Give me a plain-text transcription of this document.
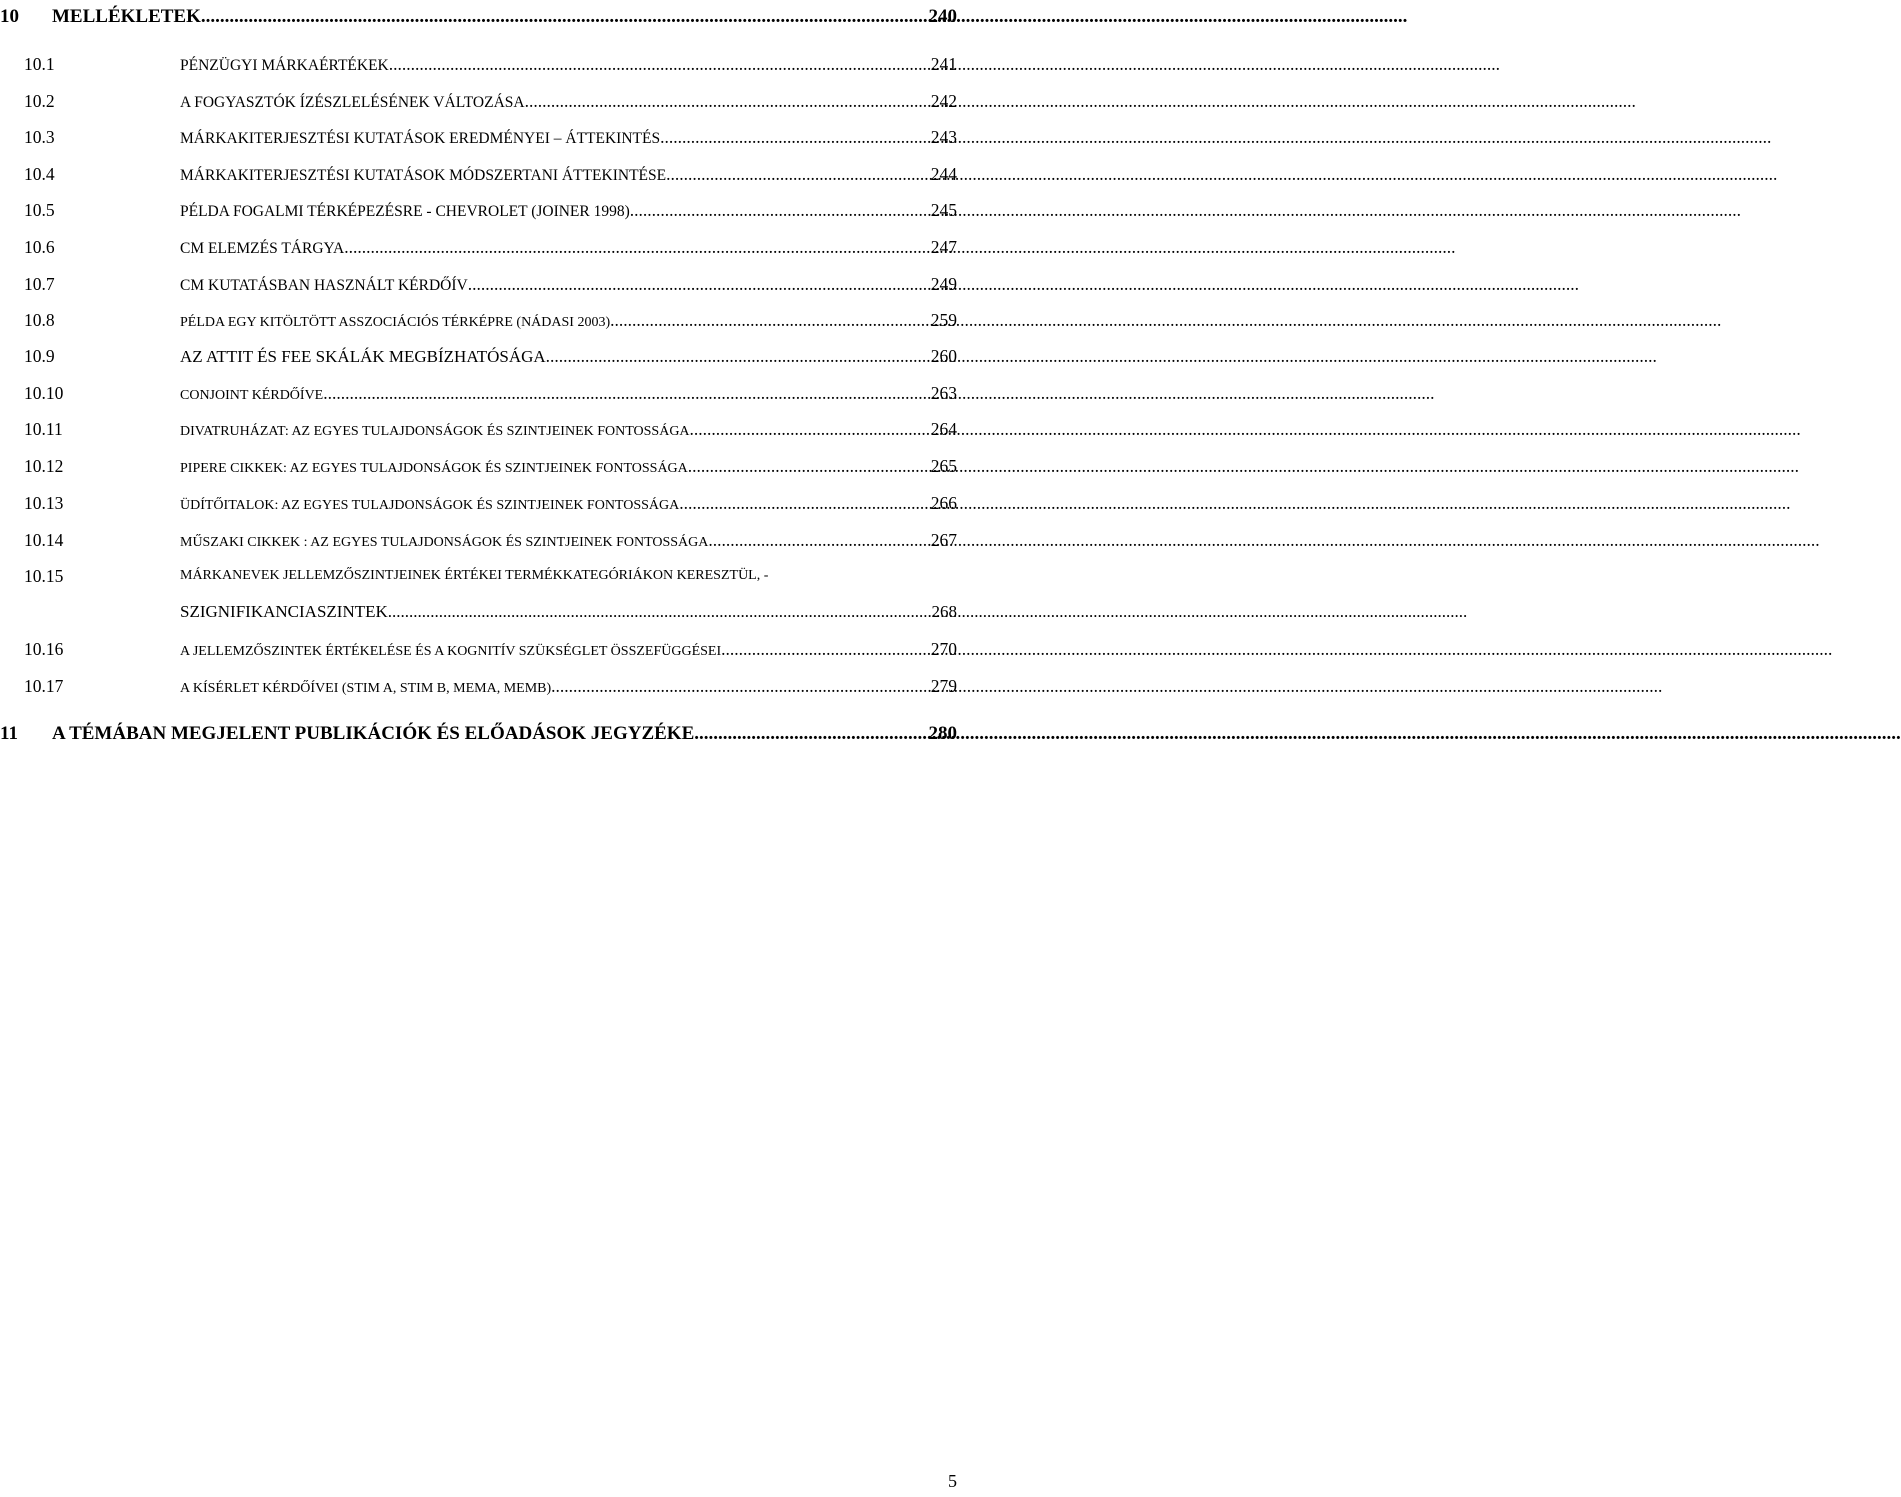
10 MELLÉKLETEK .....	240
10.1	PÉNZÜGYI MÁRKAÉRTÉKEK .....	241
10.2	A FOGYASZTÓK ÍZÉSZLELÉSÉNEK VÁLTOZÁSA .....	242
10.3	MÁRKAKITERJESZTÉSI KUTATÁSOK EREDMÉNYEI – ÁTTEKINTÉS .....	243
10.4	MÁRKAKITERJESZTÉSI KUTATÁSOK MÓDSZERTANI ÁTTEKINTÉSE .....	244
10.5	PÉLDA FOGALMI TÉRKÉPEZÉSRE - CHEVROLET (JOINER 1998) .....	245
10.6	CM ELEMZÉS TÁRGYA .....	247
10.7	CM KUTATÁSBAN HASZNÁLT KÉRDŐÍV .....	249
10.8	PÉLDA EGY KITÖLTÖTT ASSZOCIÁCIÓS TÉRKÉPRE (NÁDASI 2003) .....	259
10.9	AZ ATTIT ÉS FEE SKÁLÁK MEGBÍZHATÓSÁGA .....	260
10.10	CONJOINT KÉRDŐÍVE .....	263
10.11	DIVATRUHÁZAT: AZ EGYES TULAJDONSÁGOK ÉS SZINTJEINEK FONTOSSÁGA .....	264
10.12	PIPERE CIKKEK: AZ EGYES TULAJDONSÁGOK ÉS SZINTJEINEK FONTOSSÁGA .....	265
10.13	ÜDÍTŐITALOK: AZ EGYES TULAJDONSÁGOK ÉS SZINTJEINEK FONTOSSÁGA .....	266
10.14	MŰSZAKI CIKKEK : AZ EGYES TULAJDONSÁGOK ÉS SZINTJEINEK FONTOSSÁGA .....	267
10.15	MÁRKANEVEK JELLEMZŐSZINTJEINEK ÉRTÉKEI TERMÉKKATEGÓRIÁKON KERESZTÜL, -
SZIGNIFIKANCIASZINTEK .....	268
10.16	A JELLEMZŐSZINTEK ÉRTÉKELÉSE ÉS A KOGNITÍV SZÜKSÉGLET ÖSSZEFÜGGÉSEI .....	270
10.17	A KÍSÉRLET KÉRDŐÍVEI (STIM A, STIM B, MEMA, MEMB) .....	279
11 A TÉMÁBAN MEGJELENT PUBLIKÁCIÓK ÉS ELŐADÁSOK JEGYZÉKE .....	280
5
